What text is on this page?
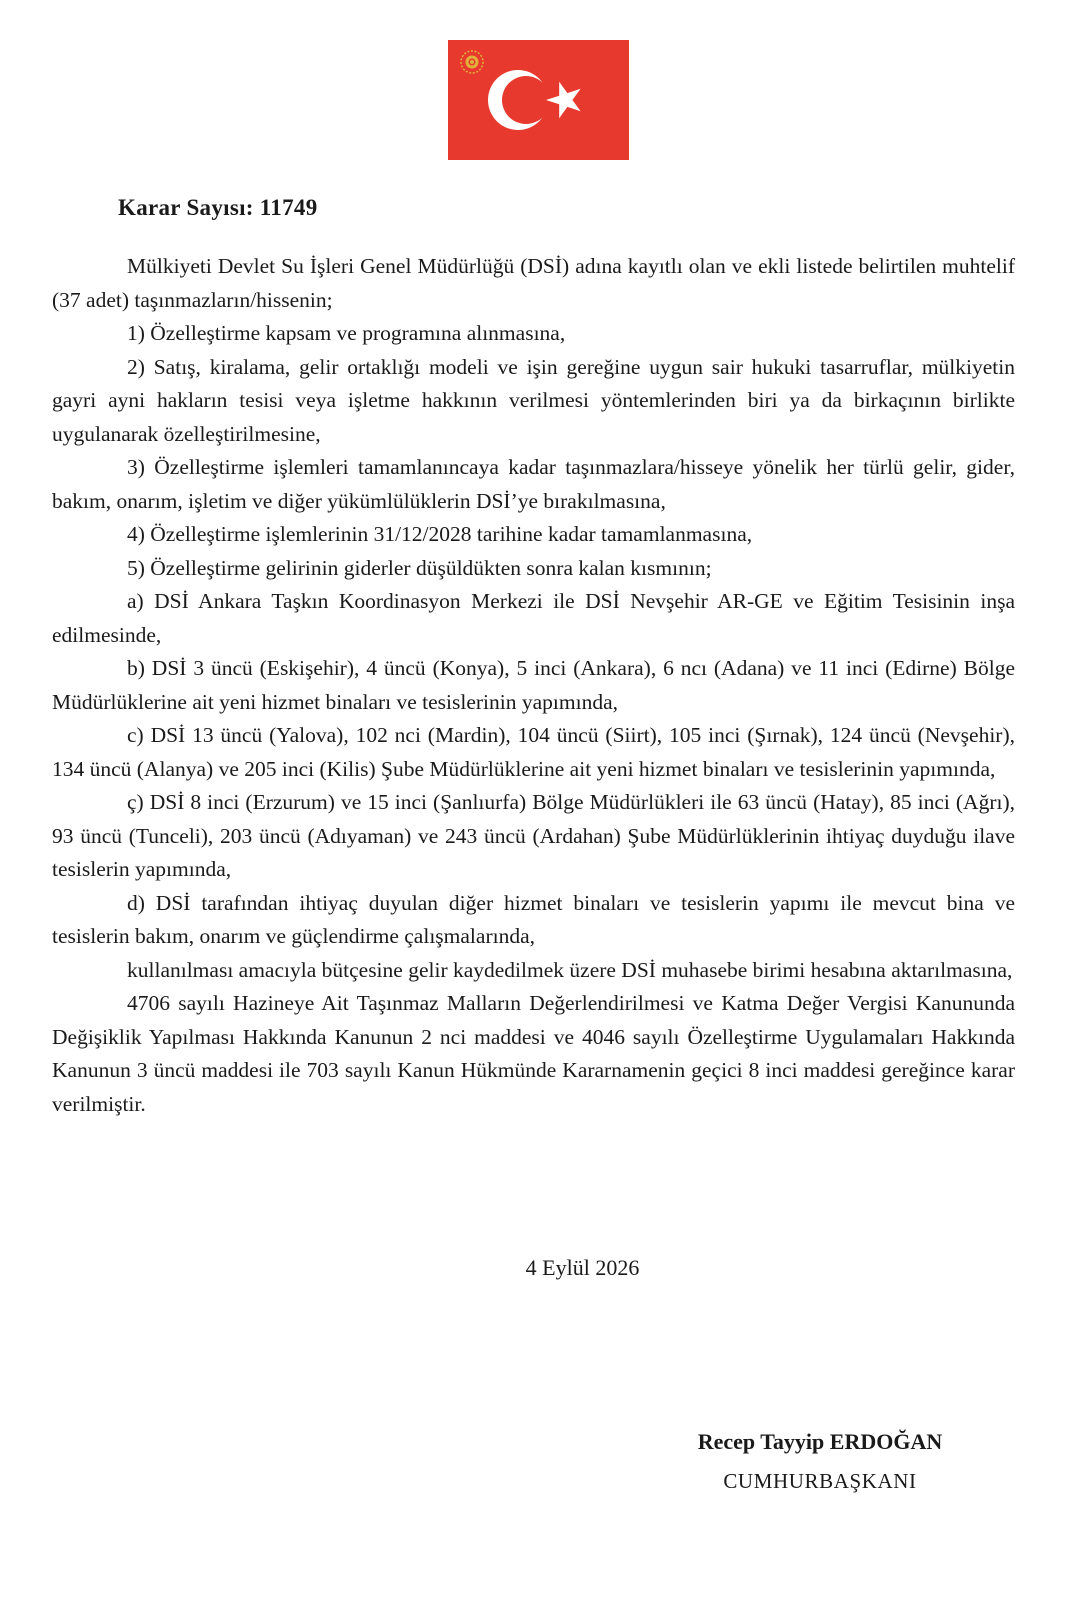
Karar Sayısı: 11749

Mülkiyeti Devlet Su İşleri Genel Müdürlüğü (DSİ) adına kayıtlı olan ve ekli listede belirtilen muhtelif (37 adet) taşınmazların/hissenin;

1) Özelleştirme kapsam ve programına alınmasına,

2) Satış, kiralama, gelir ortaklığı modeli ve işin gereğine uygun sair hukuki tasarruflar, mülkiyetin gayri ayni hakların tesisi veya işletme hakkının verilmesi yöntemlerinden biri ya da birkaçının birlikte uygulanarak özelleştirilmesine,

3) Özelleştirme işlemleri tamamlanıncaya kadar taşınmazlara/hisseye yönelik her türlü gelir, gider, bakım, onarım, işletim ve diğer yükümlülüklerin DSİ’ye bırakılmasına,

4) Özelleştirme işlemlerinin 31/12/2028 tarihine kadar tamamlanmasına,

5) Özelleştirme gelirinin giderler düşüldükten sonra kalan kısmının;

a) DSİ Ankara Taşkın Koordinasyon Merkezi ile DSİ Nevşehir AR-GE ve Eğitim Tesisinin inşa edilmesinde,

b) DSİ 3 üncü (Eskişehir), 4 üncü (Konya), 5 inci (Ankara), 6 ncı (Adana) ve 11 inci (Edirne) Bölge Müdürlüklerine ait yeni hizmet binaları ve tesislerinin yapımında,

c) DSİ 13 üncü (Yalova), 102 nci (Mardin), 104 üncü (Siirt), 105 inci (Şırnak), 124 üncü (Nevşehir), 134 üncü (Alanya) ve 205 inci (Kilis) Şube Müdürlüklerine ait yeni hizmet binaları ve tesislerinin yapımında,

ç) DSİ 8 inci (Erzurum) ve 15 inci (Şanlıurfa) Bölge Müdürlükleri ile 63 üncü (Hatay), 85 inci (Ağrı), 93 üncü (Tunceli), 203 üncü (Adıyaman) ve 243 üncü (Ardahan) Şube Müdürlüklerinin ihtiyaç duyduğu ilave tesislerin yapımında,

d) DSİ tarafından ihtiyaç duyulan diğer hizmet binaları ve tesislerin yapımı ile mevcut bina ve tesislerin bakım, onarım ve güçlendirme çalışmalarında,

kullanılması amacıyla bütçesine gelir kaydedilmek üzere DSİ muhasebe birimi hesabına aktarılmasına,

4706 sayılı Hazineye Ait Taşınmaz Malların Değerlendirilmesi ve Katma Değer Vergisi Kanununda Değişiklik Yapılması Hakkında Kanunun 2 nci maddesi ve 4046 sayılı Özelleştirme Uygulamaları Hakkında Kanunun 3 üncü maddesi ile 703 sayılı Kanun Hükmünde Kararnamenin geçici 8 inci maddesi gereğince karar verilmiştir.

4 Eylül 2026
Recep Tayyip ERDOĞAN
CUMHURBAŞKANI
